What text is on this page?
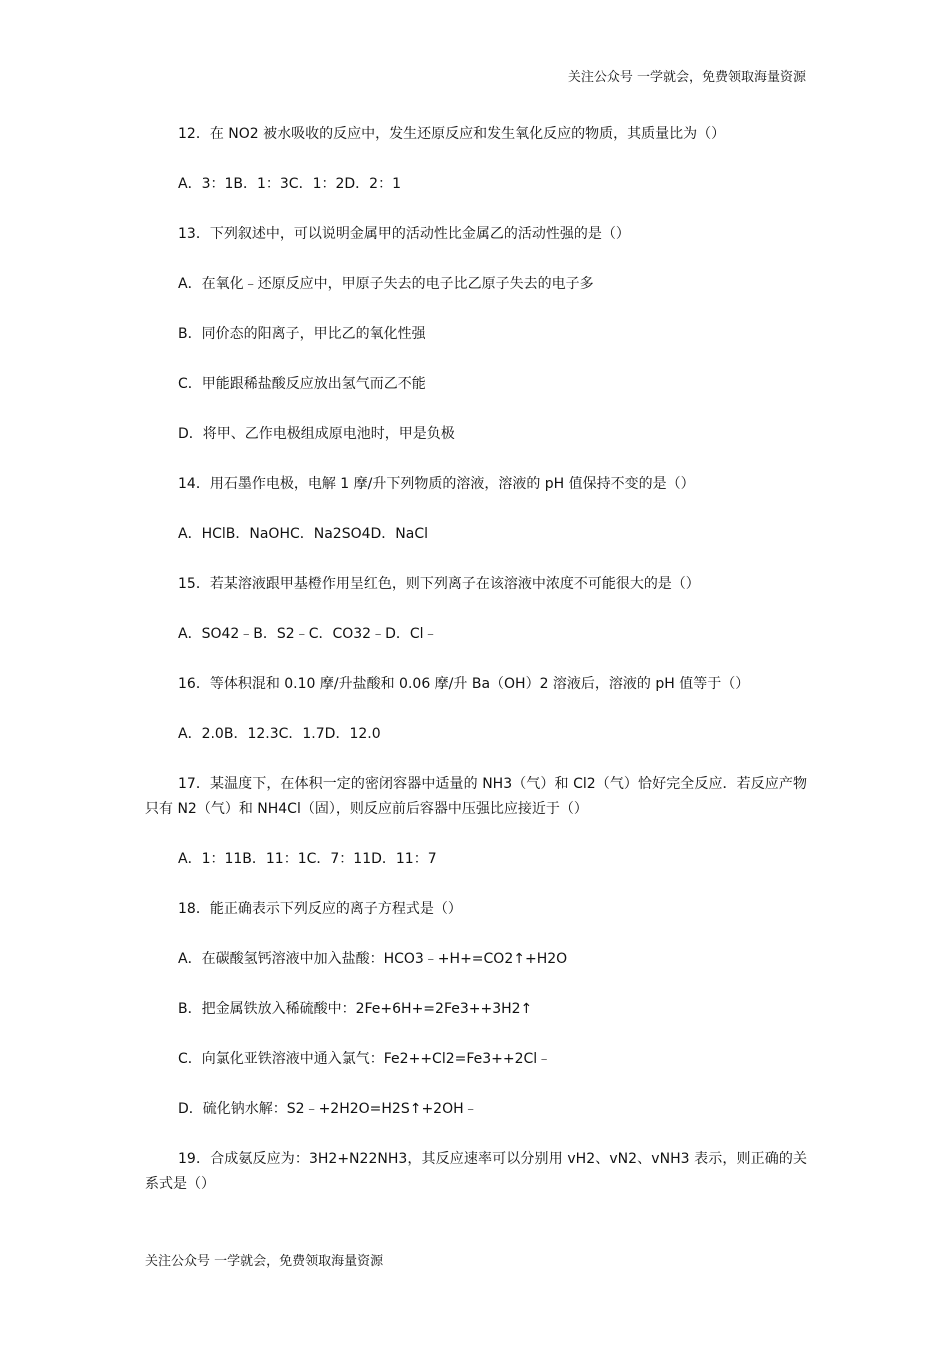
关注公众号 一学就会，免费领取海量资源
12．在 NO2 被水吸收的反应中，发生还原反应和发生氧化反应的物质，其质量比为（）
A．3：1B．1：3C．1：2D．2：1
13．下列叙述中，可以说明金属甲的活动性比金属乙的活动性强的是（）
A．在氧化﹣还原反应中，甲原子失去的电子比乙原子失去的电子多
B．同价态的阳离子，甲比乙的氧化性强
C．甲能跟稀盐酸反应放出氢气而乙不能
D．将甲、乙作电极组成原电池时，甲是负极
14．用石墨作电极，电解 1 摩/升下列物质的溶液，溶液的 pH 值保持不变的是（）
A．HClB．NaOHC．Na2SO4D．NaCl
15．若某溶液跟甲基橙作用呈红色，则下列离子在该溶液中浓度不可能很大的是（）
A．SO42﹣B．S2﹣C．CO32﹣D．Cl﹣
16．等体积混和 0.10 摩/升盐酸和 0.06 摩/升 Ba（OH）2 溶液后，溶液的 pH 值等于（）
A．2.0B．12.3C．1.7D．12.0
17．某温度下，在体积一定的密闭容器中适量的 NH3（气）和 Cl2（气）恰好完全反应．若反应产物只有 N2（气）和 NH4Cl（固），则反应前后容器中压强比应接近于（）
A．1：11B．11：1C．7：11D．11：7
18．能正确表示下列反应的离子方程式是（）
A．在碳酸氢钙溶液中加入盐酸：HCO3﹣+H+=CO2↑+H2O
B．把金属铁放入稀硫酸中：2Fe+6H+=2Fe3++3H2↑
C．向氯化亚铁溶液中通入氯气：Fe2++Cl2=Fe3++2Cl﹣
D．硫化钠水解：S2﹣+2H2O=H2S↑+2OH﹣
19．合成氨反应为：3H2+N22NH3，其反应速率可以分别用 vH2、vN2、vNH3 表示，则正确的关系式是（）
关注公众号 一学就会，免费领取海量资源
